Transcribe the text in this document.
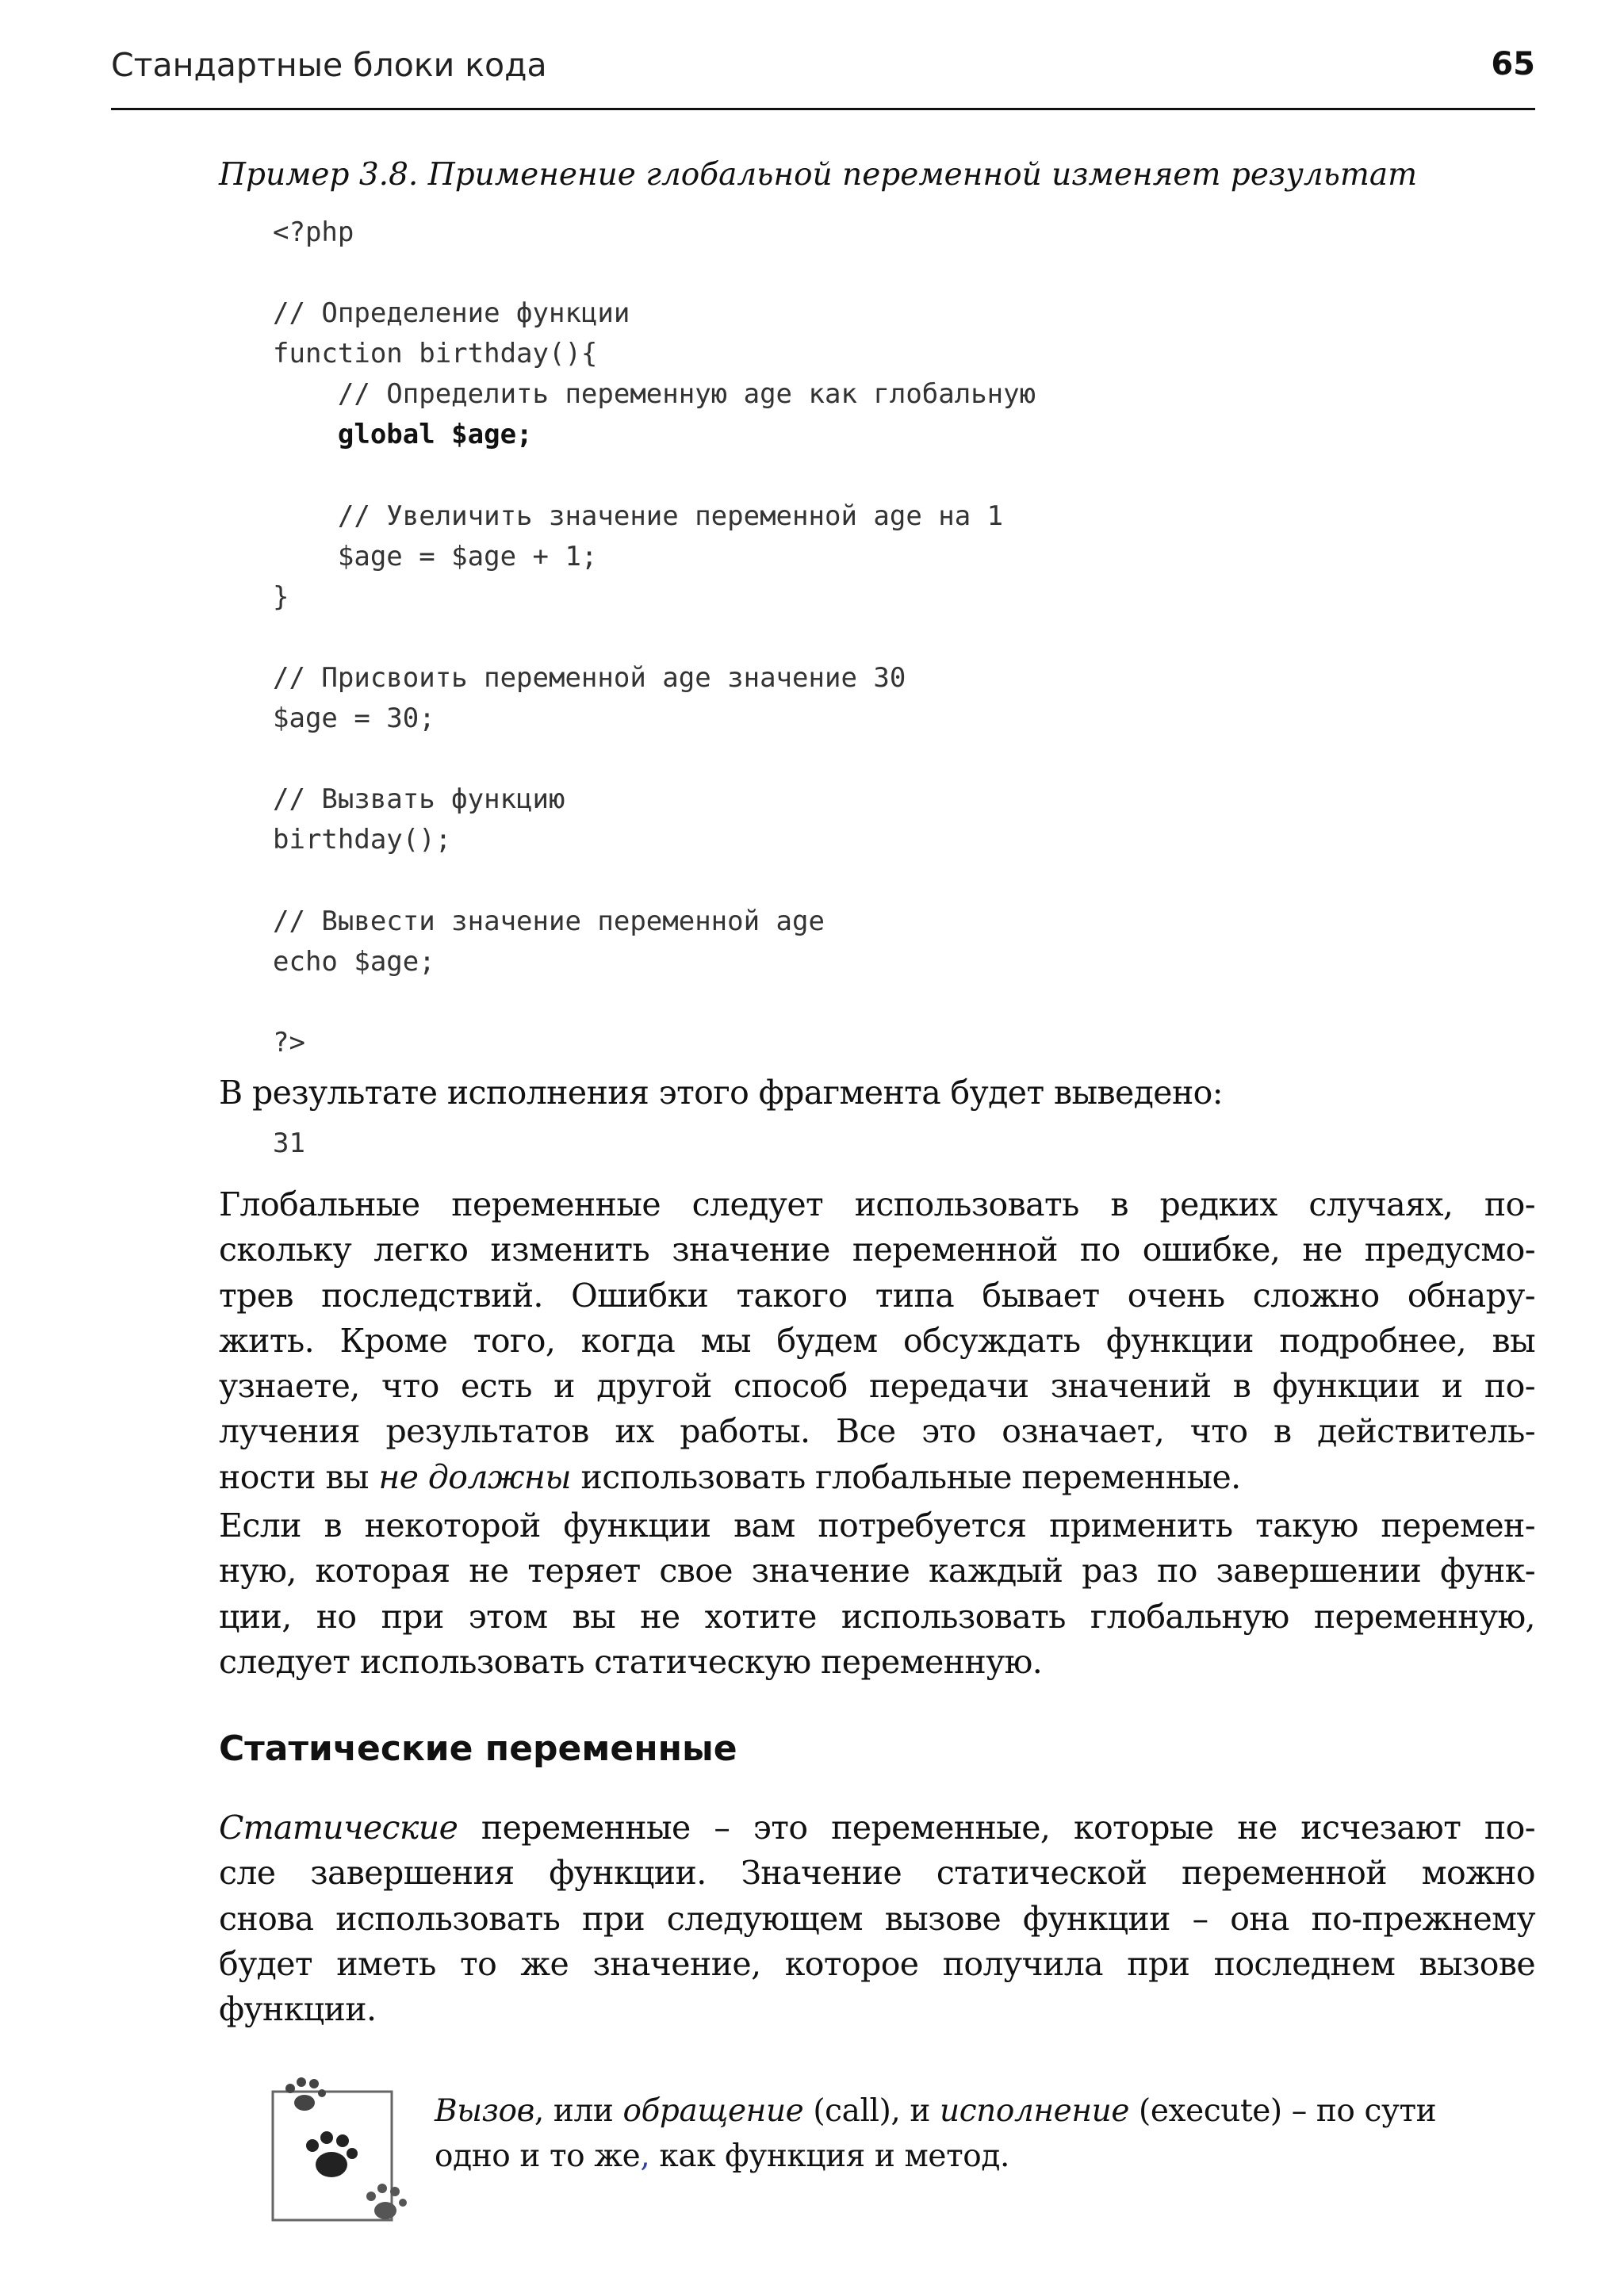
Стандартные блоки кода	65
Пример 3.8. Применение глобальной переменной изменяет результат
<?php
// Определение функции
function birthday(){
// Определить переменную age как глобальную
global $age;
// Увеличить значение переменной age на 1
$age = $age + 1;
}
// Присвоить переменной age значение 30
$age = 30;
// Вызвать функцию
birthday();
// Вывести значение переменной age
echo $age;
?>

В результате исполнения этого фрагмента будет выведено:

31

Глобальные переменные следует использовать в редких случаях, по-
скольку легко изменить значение переменной по ошибке, не предусмо-
трев последствий. Ошибки такого типа бывает очень сложно обнару-
жить. Кроме того, когда мы будем обсуждать функции подробнее, вы
узнаете, что есть и другой способ передачи значений в функции и по-
лучения результатов их работы. Все это означает, что в действитель-
ности вы не должны использовать глобальные переменные.

Если в некоторой функции вам потребуется применить такую перемен-
ную, которая не теряет свое значение каждый раз по завершении функ-
ции, но при этом вы не хотите использовать глобальную переменную,
следует использовать статическую переменную.

Статические переменные

Статические переменные – это переменные, которые не исчезают по-
сле завершения функции. Значение статической переменной можно
снова использовать при следующем вызове функции – она по-прежнему
будет иметь то же значение, которое получила при последнем вызове
функции.

Вызов, или обращение (call), и исполнение (execute) – по сути
одно и то же, как функция и метод.
